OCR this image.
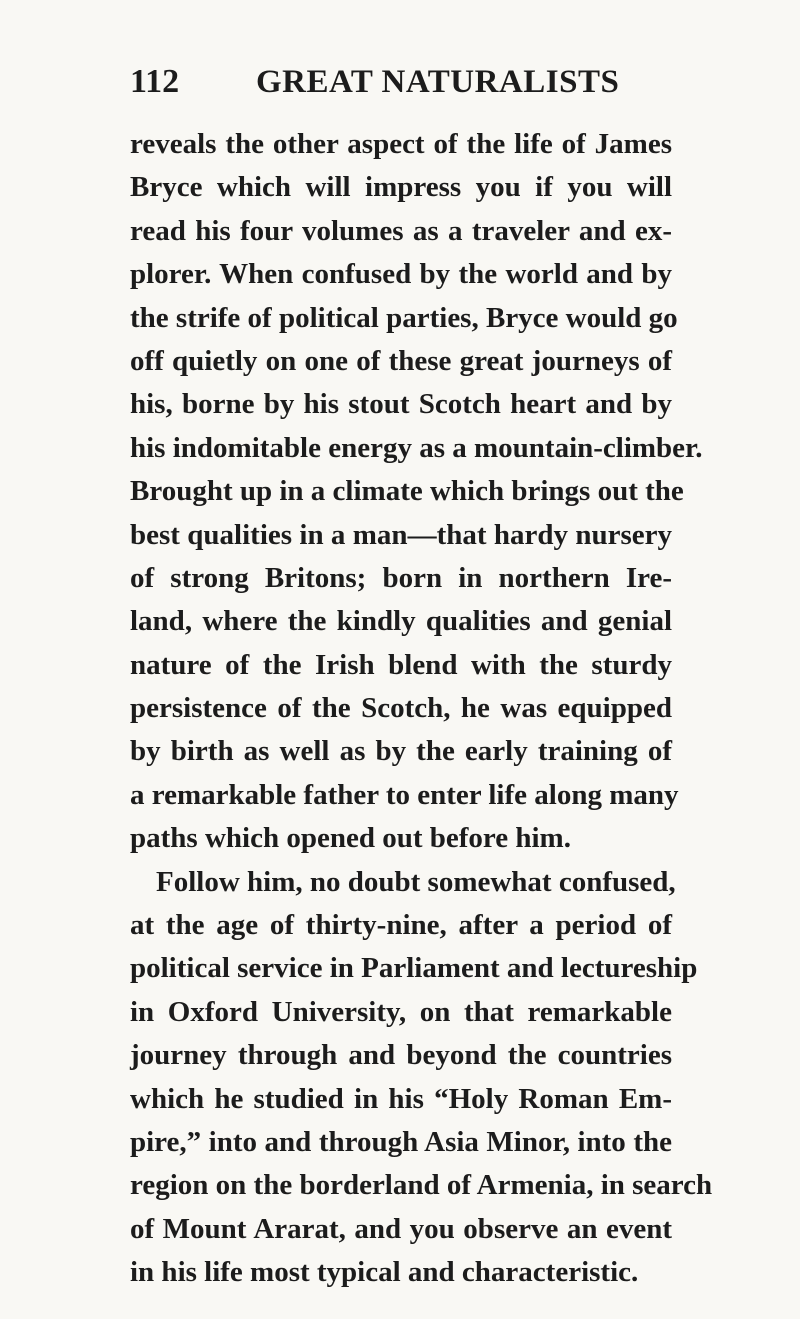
112 GREAT NATURALISTS
reveals the other aspect of the life of James
Bryce which will impress you if you will
read his four volumes as a traveler and ex-
plorer. When confused by the world and by
the strife of political parties, Bryce would go
off quietly on one of these great journeys of
his, borne by his stout Scotch heart and by
his indomitable energy as a mountain-climber.
Brought up in a climate which brings out the
best qualities in a man—that hardy nursery
of strong Britons; born in northern Ire-
land, where the kindly qualities and genial
nature of the Irish blend with the sturdy
persistence of the Scotch, he was equipped
by birth as well as by the early training of
a remarkable father to enter life along many
paths which opened out before him.
Follow him, no doubt somewhat confused,
at the age of thirty-nine, after a period of
political service in Parliament and lectureship
in Oxford University, on that remarkable
journey through and beyond the countries
which he studied in his “Holy Roman Em-
pire,” into and through Asia Minor, into the
region on the borderland of Armenia, in search
of Mount Ararat, and you observe an event
in his life most typical and characteristic.
